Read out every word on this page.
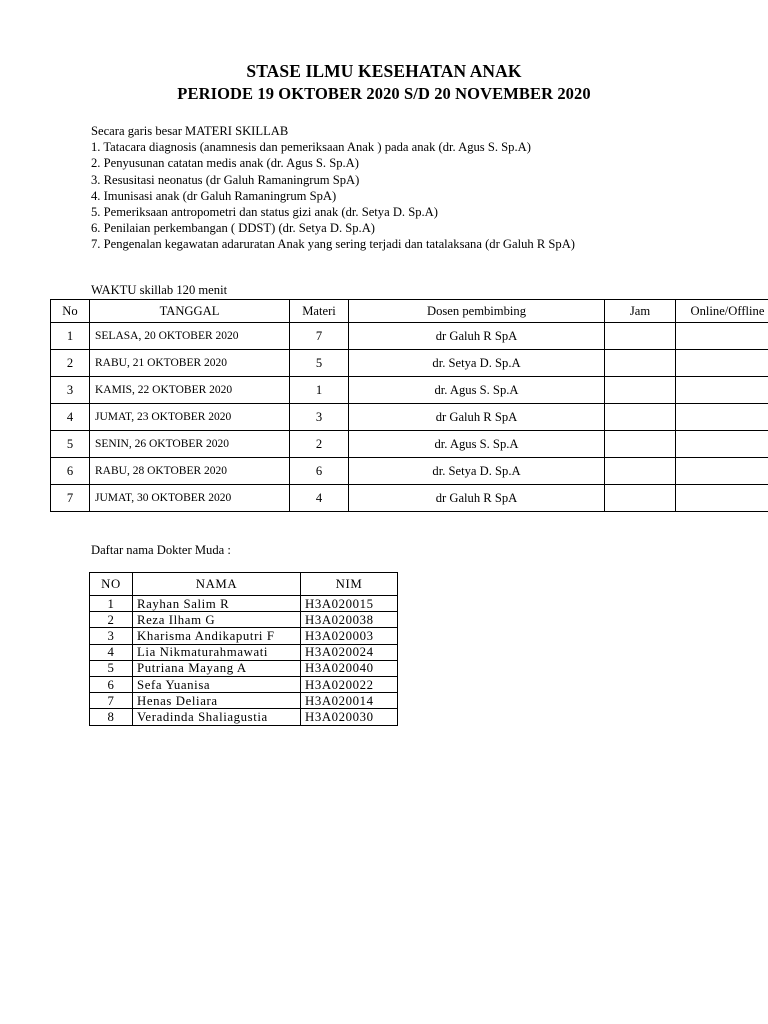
STASE ILMU KESEHATAN ANAK
PERIODE 19 OKTOBER 2020 S/D 20 NOVEMBER 2020
Secara garis besar MATERI SKILLAB
1. Tatacara diagnosis (anamnesis dan pemeriksaan Anak ) pada anak (dr. Agus S. Sp.A)
2. Penyusunan catatan medis anak (dr. Agus S. Sp.A)
3. Resusitasi neonatus (dr Galuh Ramaningrum SpA)
4. Imunisasi anak (dr Galuh Ramaningrum SpA)
5. Pemeriksaan antropometri dan status gizi anak (dr. Setya D. Sp.A)
6. Penilaian perkembangan ( DDST) (dr. Setya D. Sp.A)
7. Pengenalan kegawatan adaruratan Anak yang sering terjadi dan tatalaksana (dr Galuh R SpA)
WAKTU skillab 120 menit
No	TANGGAL	Materi	Dosen pembimbing	Jam	Online/Offline
1	SELASA, 20 OKTOBER 2020	7	dr Galuh R SpA		
2	RABU, 21 OKTOBER 2020	5	dr. Setya D. Sp.A		
3	KAMIS, 22 OKTOBER 2020	1	dr. Agus S. Sp.A		
4	JUMAT, 23 OKTOBER 2020	3	dr Galuh R SpA		
5	SENIN, 26 OKTOBER 2020	2	dr. Agus S. Sp.A		
6	RABU, 28 OKTOBER 2020	6	dr. Setya D. Sp.A		
7	JUMAT, 30 OKTOBER 2020	4	dr Galuh R SpA		
Daftar nama Dokter Muda :
NO	NAMA	NIM
1	Rayhan Salim R	H3A020015
2	Reza Ilham G	H3A020038
3	Kharisma Andikaputri F	H3A020003
4	Lia Nikmaturahmawati	H3A020024
5	Putriana Mayang A	H3A020040
6	Sefa Yuanisa	H3A020022
7	Henas Deliara	H3A020014
8	Veradinda Shaliagustia	H3A020030
